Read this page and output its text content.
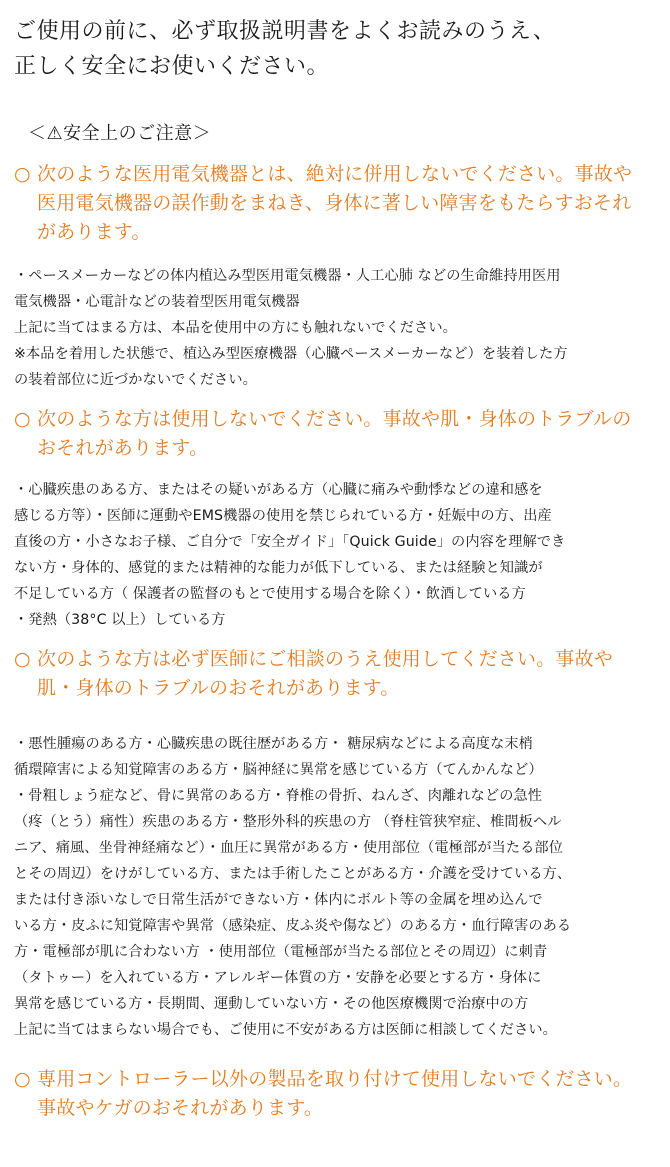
ご使用の前に、必ず取扱説明書をよくお読みのうえ、
正しく安全にお使いください。

＜⚠安全上のご注意＞
○ 次のような医用電気機器とは、絶対に併用しないでください。事故や
医用電気機器の誤作動をまねき、身体に著しい障害をもたらすおそれ
があります。
・ペースメーカーなどの体内植込み型医用電気機器・人工心肺 などの生命維持用医用
電気機器・心電計などの装着型医用電気機器
上記に当てはまる方は、本品を使用中の方にも触れないでください。
※本品を着用した状態で、植込み型医療機器（心臓ペースメーカーなど）を装着した方
の装着部位に近づかないでください。
○ 次のような方は使用しないでください。事故や肌・身体のトラブルの
おそれがあります。
・心臓疾患のある方、またはその疑いがある方（心臓に痛みや動悸などの違和感を
感じる方等）・医師に運動やEMS機器の使用を禁じられている方・妊娠中の方、出産
直後の方・小さなお子様、ご自分で「安全ガイド」「Quick Guide」の内容を理解でき
ない方・身体的、感覚的または精神的な能力が低下している、または経験と知識が
不足している方（ 保護者の監督のもとで使用する場合を除く）・飲酒している方
・発熱（38°C 以上）している方
○ 次のような方は必ず医師にご相談のうえ使用してください。事故や
肌・身体のトラブルのおそれがあります。
・悪性腫瘍のある方・心臓疾患の既往歴がある方・ 糖尿病などによる高度な末梢
循環障害による知覚障害のある方・脳神経に異常を感じている方（てんかんなど）
・骨粗しょう症など、骨に異常のある方・脊椎の骨折、ねんざ、肉離れなどの急性
（疼（とう）痛性）疾患のある方・整形外科的疾患の方 （脊柱管狭窄症、椎間板ヘル
ニア、痛風、坐骨神経痛など）・血圧に異常がある方・使用部位（電極部が当たる部位
とその周辺）をけがしている方、または手術したことがある方・介護を受けている方、
または付き添いなしで日常生活ができない方・体内にボルト等の金属を埋め込んで
いる方・皮ふに知覚障害や異常（感染症、皮ふ炎や傷など）のある方・血行障害のある
方・電極部が肌に合わない方 ・使用部位（電極部が当たる部位とその周辺）に刺青
（タトゥー）を入れている方・アレルギー体質の方・安静を必要とする方・身体に
異常を感じている方・長期間、運動していない方・その他医療機関で治療中の方
上記に当てはまらない場合でも、ご使用に不安がある方は医師に相談してください。
○ 専用コントローラー以外の製品を取り付けて使用しないでください。
事故やケガのおそれがあります。
